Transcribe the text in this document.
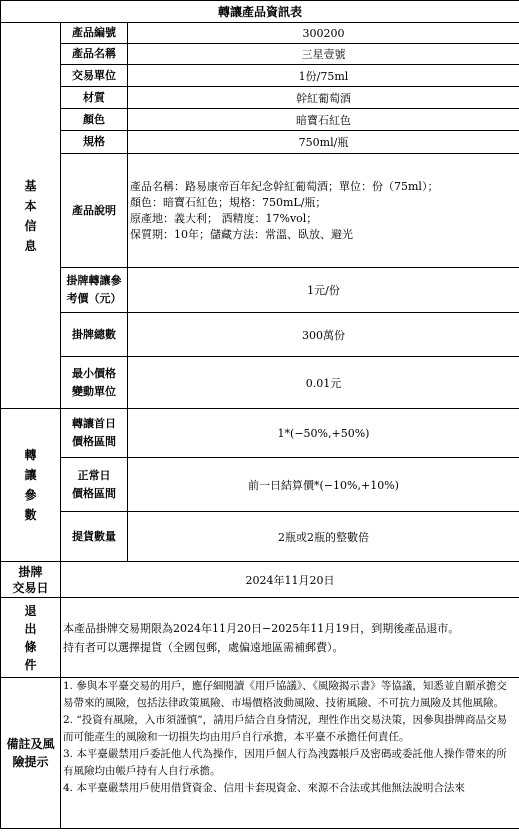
轉讓產品資訊表		

基
本
信
息	產品編號	300200
	產品名稱	三星壹號
	交易單位	1份/75ml
	材質	幹紅葡萄酒
	顏色	暗寶石紅色
	規格	750ml/瓶
	產品說明	產品名稱：路易康帝百年紀念幹紅葡萄酒；單位：份（75ml）；
顏色：暗寶石紅色；規格：750mL/瓶；
原產地：義大利； 酒精度：17%vol；
保質期：10年；儲藏方法：常溫、臥放、避光

	掛牌轉讓參
考價（元）	1元/份
	掛牌總數	300萬份

	最小價格
變動單位	0.01元

轉
讓
參
數	轉讓首日
價格區間	1*(−50%,+50%)

	正常日
價格區間	前一日結算價*(−10%,+10%)
	提貨數量	2瓶或2瓶的整數倍

掛牌
交易日	2024年11月20日	

退
出
條
件	本產品掛牌交易期限為2024年11月20日−2025年11月19日，到期後產品退市。
持有者可以選擇提貨（全國包郵，處偏遠地區需補郵費）。	

備註及風
險提示	1. 參與本平臺交易的用戶，應仔細閱讀《用戶協議》、《風險揭示書》等協議，知悉並自願承擔交易帶來的風險，包括法律政策風險、市場價格波動風險、技術風險、不可抗力風險及其他風險。
2. “投資有風險，入市須謹慎”，請用戶結合自身情況，理性作出交易決策，因參與掛牌商品交易而可能產生的風險和一切損失均由用戶自行承擔，本平臺不承擔任何責任。
3. 本平臺嚴禁用戶委託他人代為操作，因用戶個人行為洩露帳戶及密碼或委託他人操作帶來的所有風險均由帳戶持有人自行承擔。
4. 本平臺嚴禁用戶使用借貸資金、信用卡套現資金、來源不合法或其他無法說明合法來	
